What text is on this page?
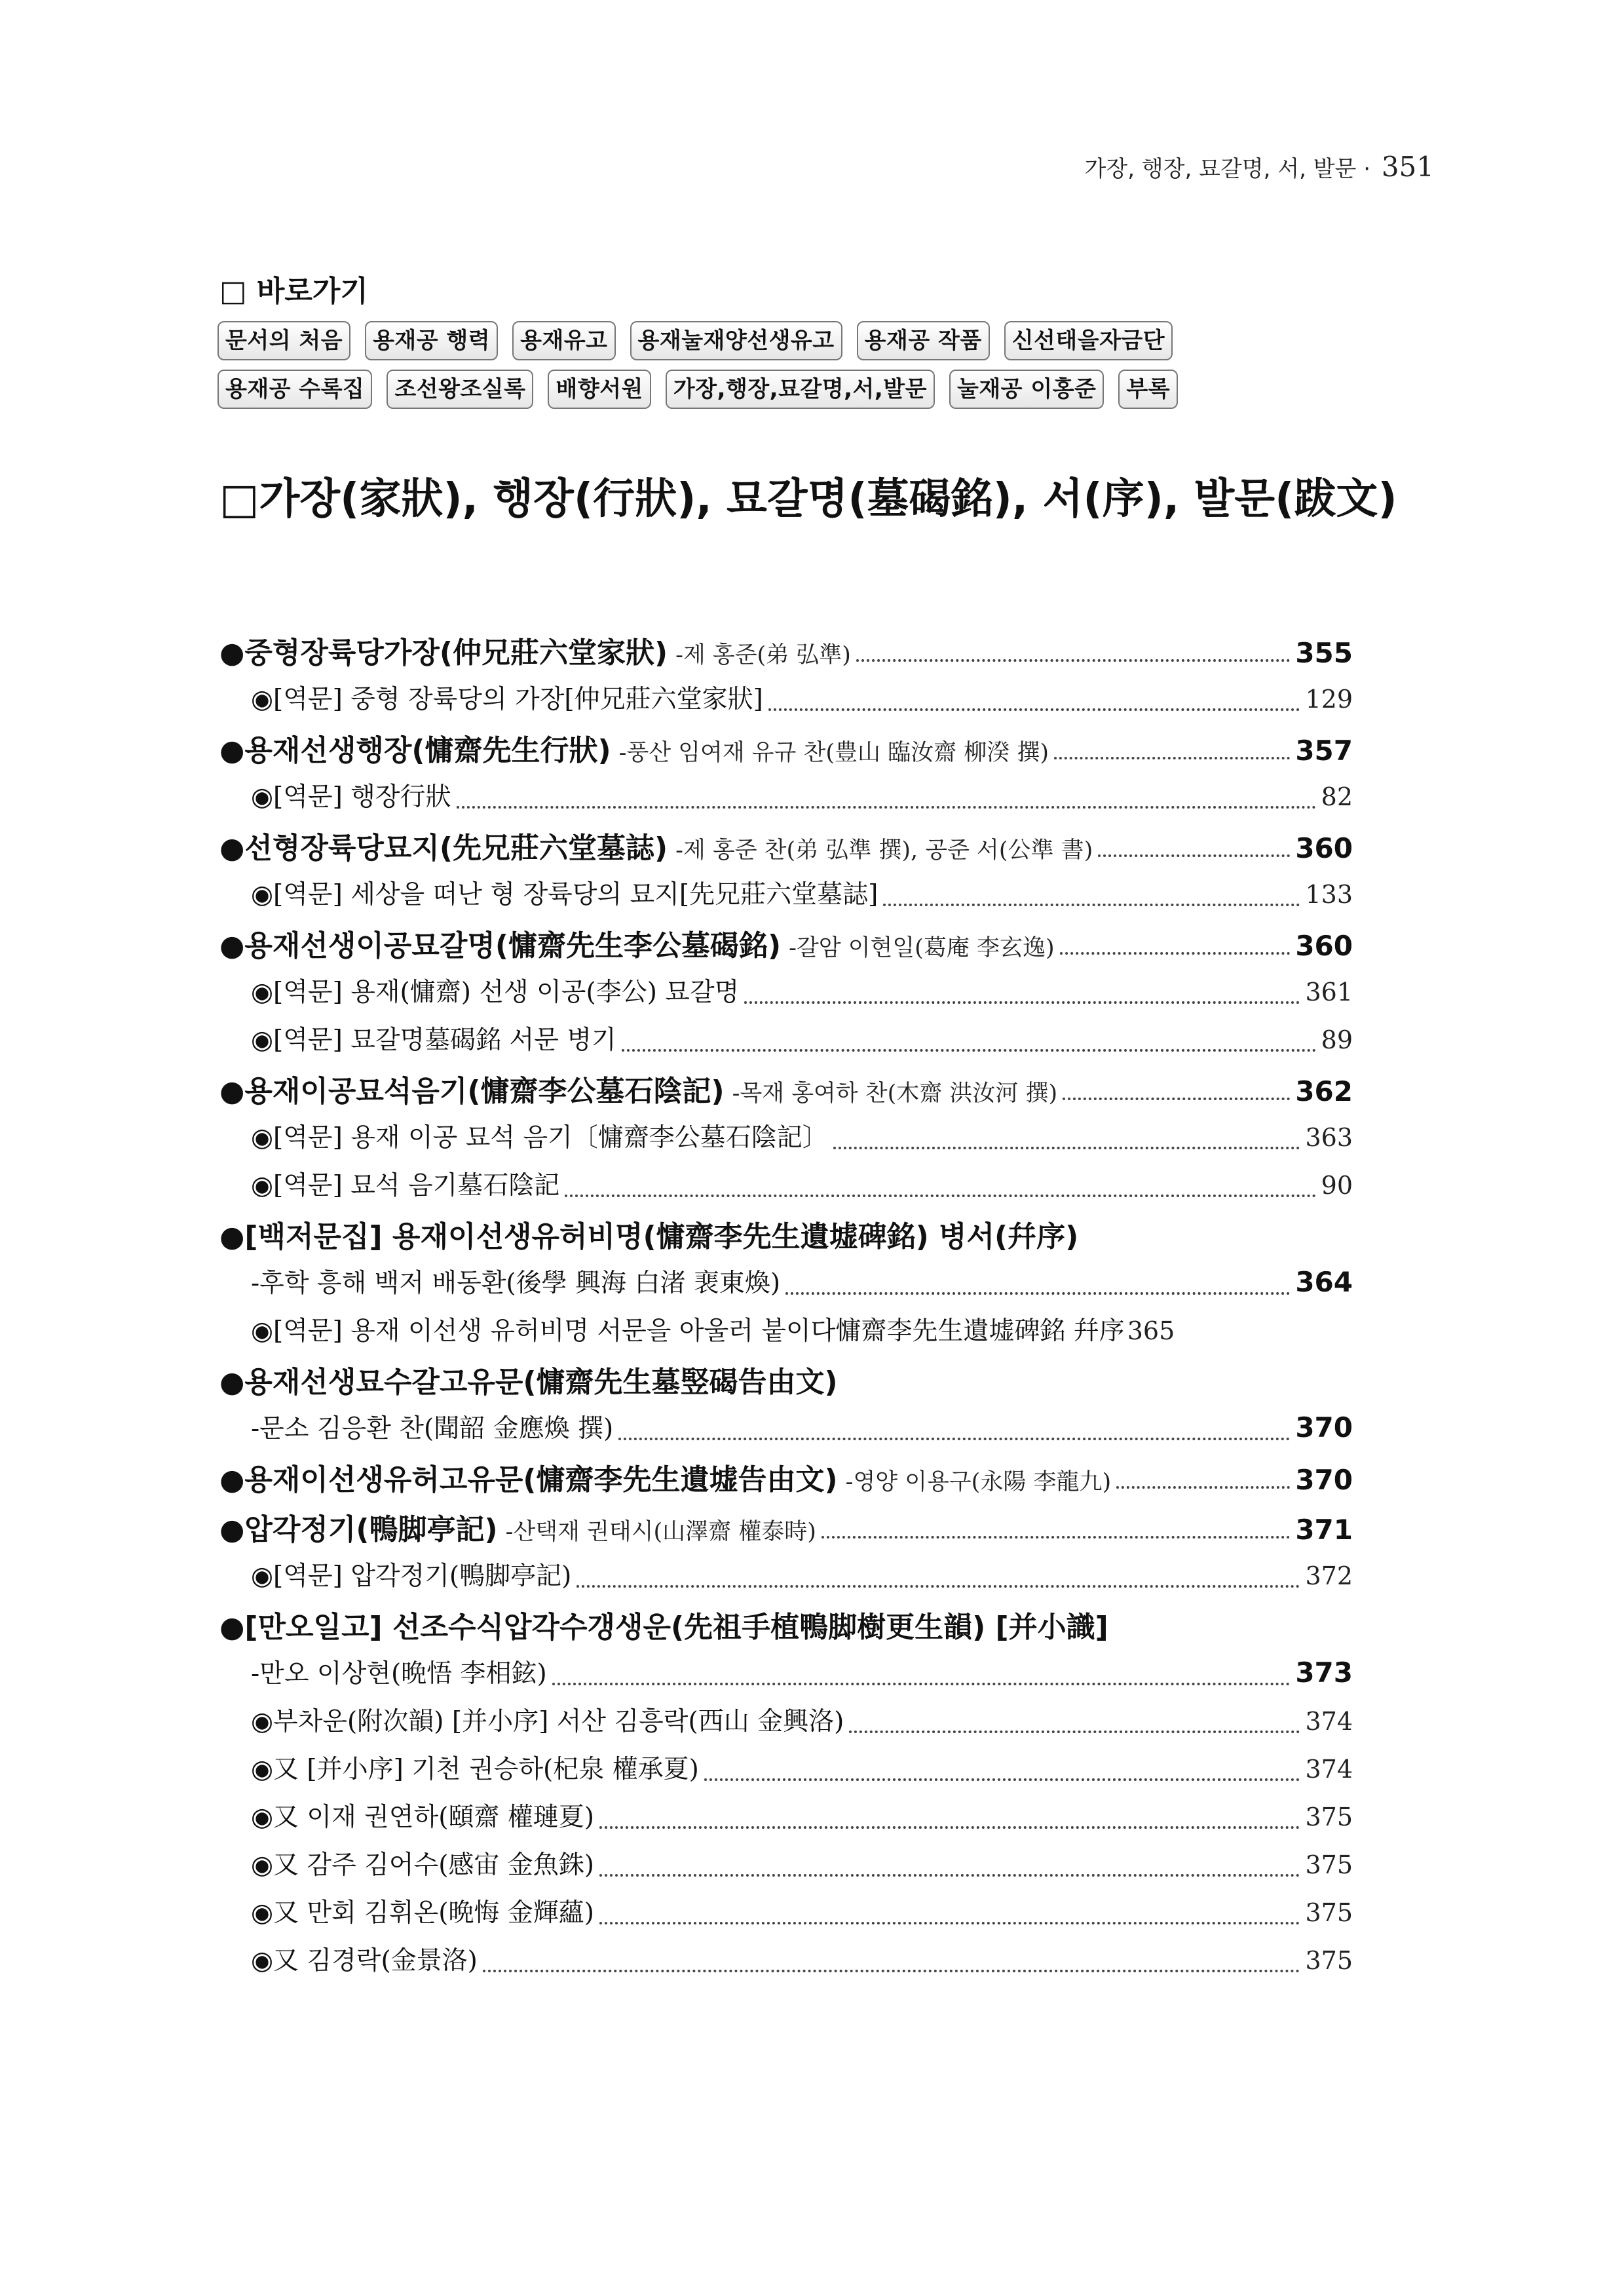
가장, 행장, 묘갈명, 서, 발문 · 351
□ 바로가기
문서의 처음	용재공 행력	용재유고	용재눌재양선생유고	용재공 작품	신선태을자금단
용재공 수록집	조선왕조실록	배향서원	가장,행장,묘갈명,서,발문	눌재공 이홍준	부록
□가장(家狀), 행장(行狀), 묘갈명(墓碣銘), 서(序), 발문(跋文)
●중형장륙당가장(仲兄莊六堂家狀) -제 홍준(弟 弘準)	355
◉[역문] 중형 장륙당의 가장[仲兄莊六堂家狀]	129
●용재선생행장(慵齋先生行狀) -풍산 임여재 유규 찬(豊山 臨汝齋 柳湀 撰)	357
◉[역문] 행장行狀	82
●선형장륙당묘지(先兄莊六堂墓誌) -제 홍준 찬(弟 弘準 撰), 공준 서(公準 書)	360
◉[역문] 세상을 떠난 형 장륙당의 묘지[先兄莊六堂墓誌]	133
●용재선생이공묘갈명(慵齋先生李公墓碣銘) -갈암 이현일(葛庵 李玄逸)	360
◉[역문] 용재(慵齋) 선생 이공(李公) 묘갈명	361
◉[역문] 묘갈명墓碣銘 서문 병기	89
●용재이공묘석음기(慵齋李公墓石陰記) -목재 홍여하 찬(木齋 洪汝河 撰)	362
◉[역문] 용재 이공 묘석 음기〔慵齋李公墓石陰記〕	363
◉[역문] 묘석 음기墓石陰記	90
●[백저문집] 용재이선생유허비명(慵齋李先生遺墟碑銘) 병서(幷序)
-후학 흥해 백저 배동환(後學 興海 白渚 裵東煥)	364
◉[역문] 용재 이선생 유허비명 서문을 아울러 붙이다慵齋李先生遺墟碑銘 幷序 365
●용재선생묘수갈고유문(慵齋先生墓竪碣告由文)
-문소 김응환 찬(聞韶 金應煥 撰)	370
●용재이선생유허고유문(慵齋李先生遺墟告由文) -영양 이용구(永陽 李龍九)	370
●압각정기(鴨脚亭記) -산택재 권태시(山澤齋 權泰時)	371
◉[역문] 압각정기(鴨脚亭記)	372
●[만오일고] 선조수식압각수갱생운(先祖手植鴨脚樹更生韻) [并小識]
-만오 이상현(晩悟 李相鉉)	373
◉부차운(附次韻) [并小序] 서산 김흥락(西山 金興洛)	374
◉又 [并小序] 기천 권승하(杞泉 權承夏)	374
◉又 이재 권연하(頤齋 權璉夏)	375
◉又 감주 김어수(感宙 金魚銖)	375
◉又 만회 김휘온(晩悔 金輝蘊)	375
◉又 김경락(金景洛)	375
